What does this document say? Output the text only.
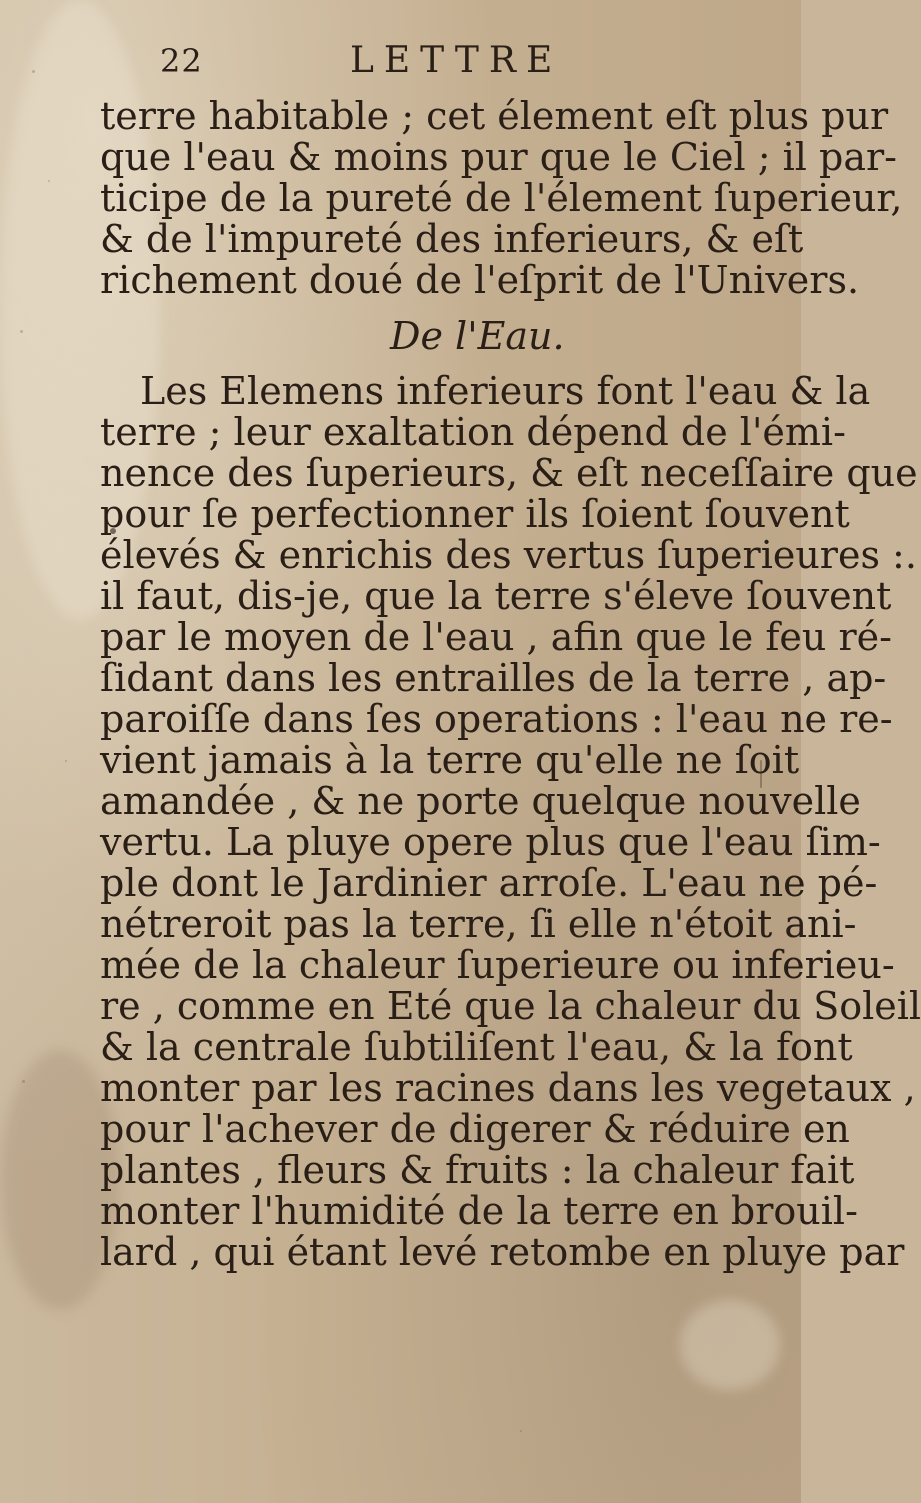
22	LETTRE
terre habitable ; cet élement eſt plus pur
que l'eau & moins pur que le Ciel ; il par-
ticipe de la pureté de l'élement ſuperieur,
& de l'impureté des inferieurs, & eſt
richement doué de l'eſprit de l'Univers.
De l'Eau.
Les Elemens inferieurs font l'eau & la
terre ; leur exaltation dépend de l'émi-
nence des ſuperieurs, & eſt neceſſaire que
pour ſe perfectionner ils ſoient ſouvent
élevés & enrichis des vertus ſuperieures :.
il faut, dis-je, que la terre s'éleve ſouvent
par le moyen de l'eau , afin que le feu ré-
ſidant dans les entrailles de la terre , ap-
paroiſſe dans ſes operations : l'eau ne re-
vient jamais à la terre qu'elle ne ſoit
amandée , & ne porte quelque nouvelle
vertu. La pluye opere plus que l'eau ſim-
ple dont le Jardinier arroſe. L'eau ne pé-
nétreroit pas la terre, ſi elle n'étoit ani-
mée de la chaleur ſuperieure ou inferieu-
re , comme en Eté que la chaleur du Soleil
& la centrale ſubtiliſent l'eau, & la font
monter par les racines dans les vegetaux ,
pour l'achever de digerer & réduire en
plantes , fleurs & fruits : la chaleur fait
monter l'humidité de la terre en brouil-
lard , qui étant levé retombe en pluye par
